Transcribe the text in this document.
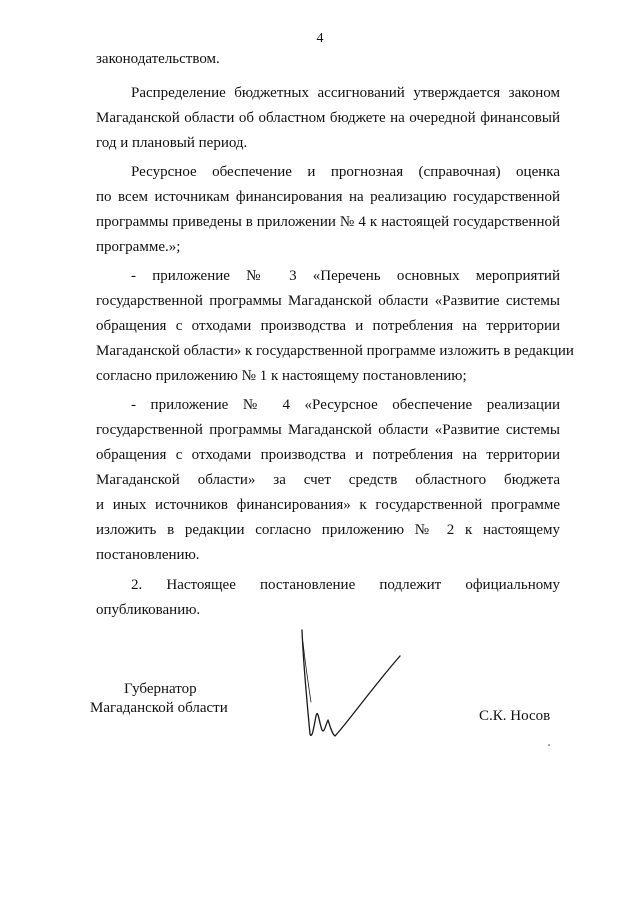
4
законодательством.
Распределение бюджетных ассигнований утверждается законом
Магаданской области об областном бюджете на очередной финансовый
год и плановый период.
Ресурсное обеспечение и прогнозная (справочная) оценка
по всем источникам финансирования на реализацию государственной
программы приведены в приложении № 4 к настоящей государственной
программе.»;
- приложение № 3 «Перечень основных мероприятий
государственной программы Магаданской области «Развитие системы
обращения с отходами производства и потребления на территории
Магаданской области» к государственной программе изложить в редакции
согласно приложению № 1 к настоящему постановлению;
- приложение № 4 «Ресурсное обеспечение реализации
государственной программы Магаданской области «Развитие системы
обращения с отходами производства и потребления на территории
Магаданской области» за счет средств областного бюджета
и иных источников финансирования» к государственной программе
изложить в редакции согласно приложению № 2 к настоящему
постановлению.
2. Настоящее постановление подлежит официальному
опубликованию.
Губернатор
Магаданской области	С.К. Носов
